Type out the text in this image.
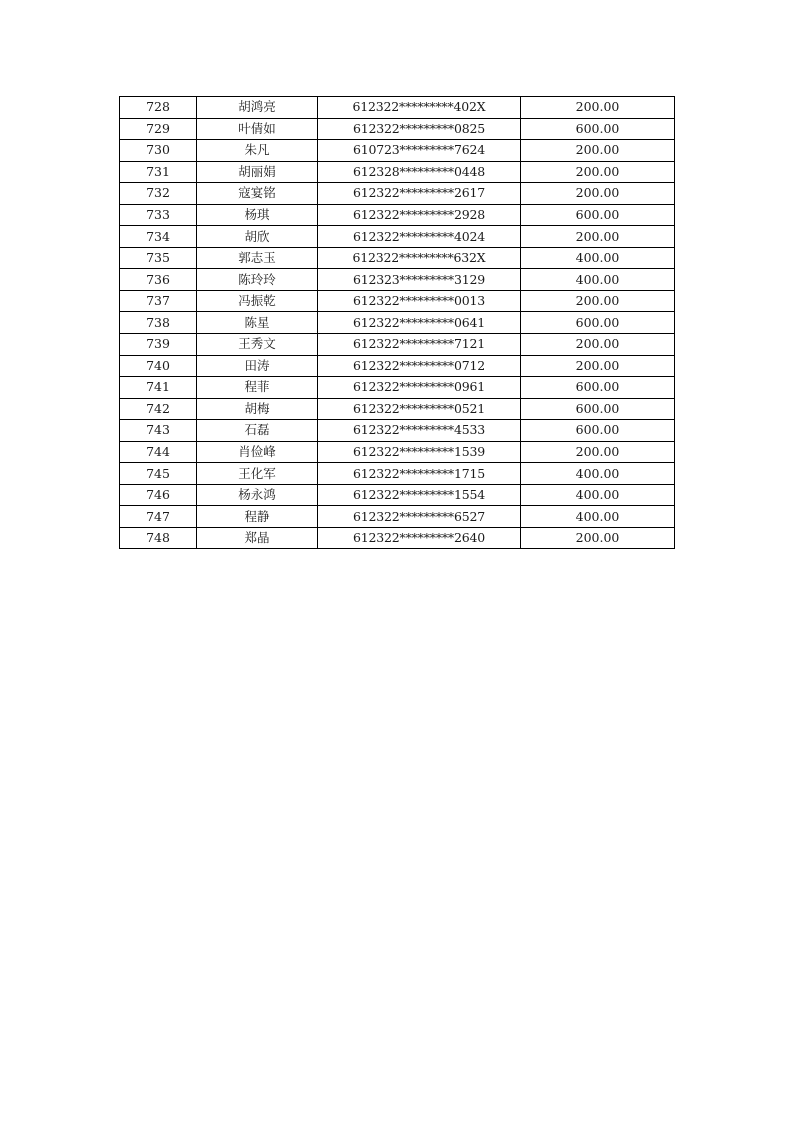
728	胡鸿亮	612322*********402X	200.00
729	叶倩如	612322*********0825	600.00
730	朱凡	610723*********7624	200.00
731	胡丽娟	612328*********0448	200.00
732	寇宴铭	612322*********2617	200.00
733	杨琪	612322*********2928	600.00
734	胡欣	612322*********4024	200.00
735	郭志玉	612322*********632X	400.00
736	陈玲玲	612323*********3129	400.00
737	冯振乾	612322*********0013	200.00
738	陈星	612322*********0641	600.00
739	王秀文	612322*********7121	200.00
740	田涛	612322*********0712	200.00
741	程菲	612322*********0961	600.00
742	胡梅	612322*********0521	600.00
743	石磊	612322*********4533	600.00
744	肖俭峰	612322*********1539	200.00
745	王化军	612322*********1715	400.00
746	杨永鸿	612322*********1554	400.00
747	程静	612322*********6527	400.00
748	郑晶	612322*********2640	200.00
